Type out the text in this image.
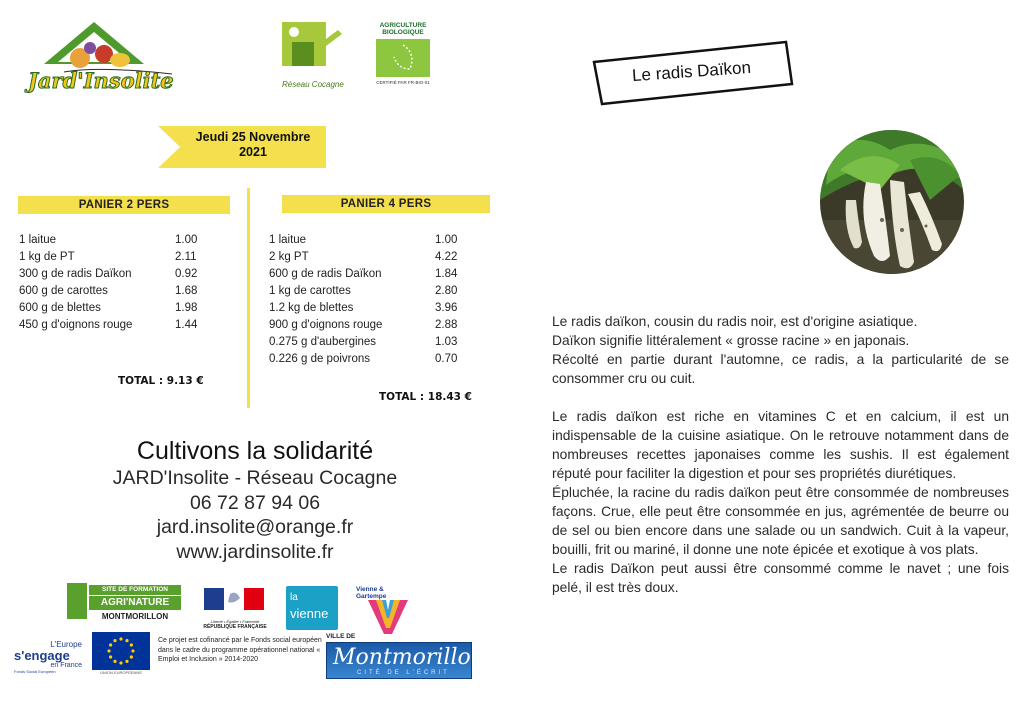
Jard'Insolite	Réseau Cocagne
AGRICULTURE BIOLOGIQUE
CERTIFIÉ PAR FR-BIO-01
Jeudi 25 Novembre
2021
PANIER 2 PERS
1 laitue	1.00
1 kg de PT	2.11
300 g de radis Daïkon	0.92
600 g de carottes	1.68
600 g de blettes	1.98
450 g d'oignons rouge	1.44
TOTAL : 9.13 €
PANIER 4 PERS
1 laitue	1.00
2 kg PT	4.22
600 g de radis Daïkon	1.84
1 kg de carottes	2.80
1.2 kg de blettes	3.96
900 g d'oignons rouge	2.88
0.275 g d'aubergines	1.03
0.226 g de poivrons	0.70
TOTAL : 18.43 €
Cultivons la solidarité
JARD'Insolite - Réseau Cocagne
06 72 87 94 06
jard.insolite@orange.fr
www.jardinsolite.fr
SITE DE FORMATION
AGRI'NATURE
MONTMORILLON
Liberté • Égalité • Fraternité
RÉPUBLIQUE FRANÇAISE
la
vienne
Vienne &
Gartempe
L'Europe
s'engage
en France
Fonds Social Européen	UNION EUROPÉENNE
Ce projet est cofinancé par le Fonds social européen dans le cadre du programme opérationnel national « Emploi et Inclusion » 2014-2020
VILLE DE
Montmorillon
CITÉ DE L'ÉCRIT
Le radis Daïkon

Le radis daïkon, cousin du radis noir, est d'origine asiatique.

Daïkon signifie littéralement « grosse racine » en japonais.

Récolté en partie durant l'automne, ce radis, a la particularité de se consommer cru ou cuit.

Le radis daïkon est riche en vitamines C et en calcium, il est un indispensable de la cuisine asiatique. On le retrouve notamment dans de nombreuses recettes japonaises comme les sushis. Il est également réputé pour faciliter la digestion et pour ses propriétés diurétiques.

Épluchée, la racine du radis daïkon peut être consommée de nombreuses façons. Crue, elle peut être consommée en jus, agrémentée de beurre ou de sel ou bien encore dans une salade ou un sandwich. Cuit à la vapeur, bouilli, frit ou mariné, il donne une note épicée et exotique à vos plats.

Le radis Daïkon peut aussi être consommé comme le navet ; une fois pelé, il est très doux.
